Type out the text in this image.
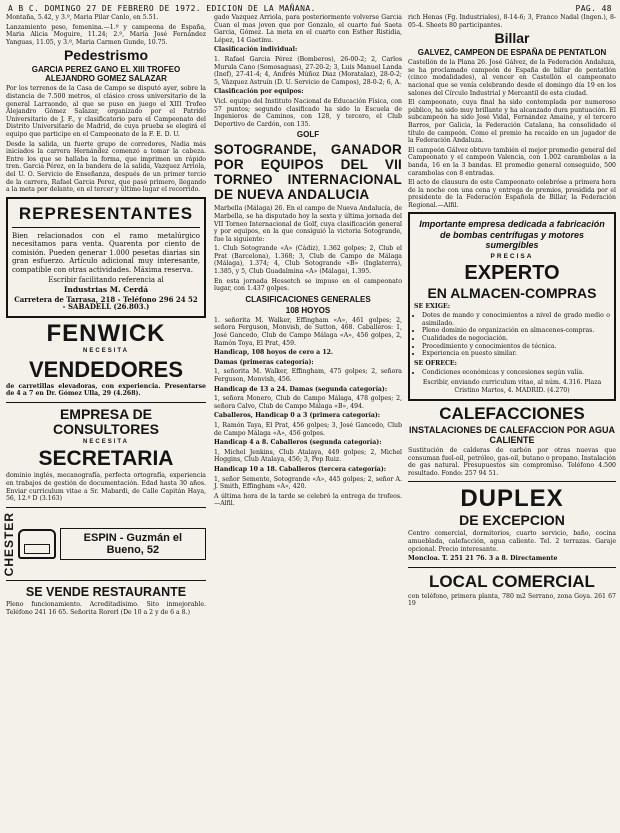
A B C. DOMINGO 27 DE FEBRERO DE 1972. EDICION DE LA MAÑANA.	PAG. 48

Montaña, 5.42, y 3.º, Maria Pilar Canlo, en 5.51.

Lanzamiento peso, femenina.—1.º y campeona de España, Maria Alicia Moguire, 11.24; 2.º, Maria José Fernández Yanguas, 11.05, y 3.º, Maria Carmen Gunde, 10.75.

Pedestrismo
GARCIA PEREZ GANO EL XIII TROFEO ALEJANDRO GOMEZ SALAZAR

Por los terrenos de la Casa de Campo se disputó ayer, sobre la distancia de 7.500 metros, el clásico cross universitario de la general Larraondo, al que se puso en juego el XIII Trofeo Alejandro Gómez Salazar, organizado por el Patrido Universitario de J. F., y clasificatorio para el Campeonato del Distrito Universitario de Madrid, de cuya prueba se elegirá el equipo que participe en el Campeonato de la F. E. D. U.

Desde la salida, un fuerte grupo de corredores, Nadia más iniciados la carrera Hernández comenzó a tomar la cabeza. Entre los que se hallaba la forma, que imprimen un rápido tren. Garcia Pérez, en la bandera de la salida, Vazquez Arriola, del U. O. Servicio de Enseñanza, después de un primer tercio de la carrera, Rafael Garcia Perez, que pasó primero, llegando a la meta por delante, en el tercer y último lugar el recorrido.

REPRESENTANTES

Bien relacionados con el ramo metalúrgico necesitamos para venta. Quarenta por ciento de comisión. Pueden generar 1.000 pesetas diarias sin gran esfuerzo. Artículo adicional muy interesante, compatible con otras actividades. Máxima reserva.

Escribir facilitando referencia al

Industrias M. Cerdá

Carretera de Tarrasa, 218 - Teléfono 296 24 52 - SABADELL (26.803.)

FENWICK
NECESITA
VENDEDORES

de carretillas elevadoras, con experiencia. Presentarse de 4 a 7 en Dr. Gómez Ulla, 29 (4.268).

EMPRESA DE CONSULTORES
NECESITA
SECRETARIA

dominio inglés, mecanografía, perfecta ortografía, experiencia en trabajos de gestión de documentación. Edad hasta 30 años. Enviar curriculum vitae a Sr. Mabardi, de Calle Capitán Haya, 56, 12.º D (3.163)

CHESTER	ESPIN - Guzmán el Bueno, 52
SE VENDE RESTAURANTE

Pleno funcionamiento. Acreditadísimo. Sito inmejorable. Teléfono 241 16 65. Señorita Rorerl (De 10 a 2 y de 6 a 8.)

gado Vazquez Arriola, para posteriormente volverse Garcia Cuan el mas joven que por Gonzalo, el cuarto fué Saeta Garcia, Gómez. La meta en el cuarto con Esther Ristidia, Lépez, 14 Gaetinu.

Clasificación individual:

1. Rafael Garcia Pérez (Bomberos), 26-00-2; 2, Carlos Murula Cano (Somosaguas), 27-20-2; 3, Luis Manuel Landa (Inef), 27-41-4; 4, Andrés Múñoz Diaz (Moratalaz), 28-0-2; 5, Vázquez Astruín (D. U. Servicio de Campos), 28-0-2; 6, A.

Clasificación por equipos:

Vicl. equipo del Instituto Nacional de Educación Física, con 57 puntos; segundo clasificado ha sido la Escuela de Ingenieros de Caminos, con 128, y tercero, el Club Deportivo de Cardón, con 135.

GOLF
SOTOGRANDE, GANADOR POR EQUIPOS DEL VII TORNEO INTERNACIONAL DE NUEVA ANDALUCIA

Marbella (Málaga) 26. En el campo de Nueva Andalucía, de Marbella, se ha disputado hoy la sexta y última jornada del VII Torneo Internacional de Golf, cuya clasificación general y por equipos, en la que consiguió la victoria Sotogrande, fue la siguiente:

1. Club Sotogrande «A» (Cádiz), 1.362 golpes; 2, Club el Prat (Barcelona), 1.368; 3, Club de Campo de Málaga (Málaga), 1.374; 4, Club Sotogrande «B» (Inglaterra), 1.385, y 5, Club Guadalmina «A» (Málaga), 1.395.

En esta jornada Hessetch se impuso en el campeonato lugar, con 1.437 golpes.

CLASIFICACIONES GENERALES
108 HOYOS

1. señorita M. Walker, Effingham «A», 461 golpes; 2, señora Ferguson, Monvish, de Sutton, 468. Caballeros: 1, José Gancedo, Club de Campo Málaga «A», 456 golpes, 2, Ramón Toya, El Prat, 459.

Handicap, 108 hoyos de cero a 12.

Damas (primeras categoría):

1, señorita M. Walker, Effingham, 475 golpes; 2, señora Ferguson, Monvish, 456.

Handicap de 13 a 24. Damas (segunda categoría):

1, señora Monero, Club de Campo Málaga, 478 golpes; 2, señora Calvo, Club de Campo Málaga «B», 494.

Caballeros, Handicap 0 a 3 (primera categoría):

1, Ramón Taya, El Prat, 456 golpes; 3, José Gancedo, Club de Campo Málaga «A», 456 golpes.

Handicap 4 a 8. Caballeros (segunda categoría):

1, Michel Jenkins, Club Atalaya, 449 golpes; 2, Michel Hoggins, Club Atalaya, 456; 3, Pep Ruiz.

Handicap 10 a 18. Caballeros (tercera categoría):

1, señor Semente, Sotogrande «A», 445 golpes; 2, señor A. J. Smith, Effingham «A», 420.

A última hora de la tarde se celebró la entrega de trofeos.—Alfil.

rich Henas (Fg. Industriales), 8-14-6; 3, Franco Nadal (Ingen.), 8-05-4. Sheets 80 participantes.

Billar
GALVEZ, CAMPEON DE ESPAÑA DE PENTATLON

Castellón de la Plana 26. José Gálvez, de la Federación Andaluza, se ha proclamado campeón de España de billar de pentatlón (cinco modalidades), al vencer en Castellón el campeonato nacional que se venía celebrando desde el domingo día 19 en los salones del Círculo Industrial y Mercantil de esta ciudad.

El campeonato, cuya final ha sido contemplada por numeroso público, ha sido muy brillante y ha alcanzado dura puntuación. El subcampeón ha sido José Vidal, Fernández Amaine, y el tercero Barros, por Galicia, la Federación Catalana, ha consolidado el título de campeón. Como el premio ha recaído en un jugador de la Federación Andaluza.

El campeón Gálvez obtuvo también el mejor promedio general del Campeonato y el campeón Valencia, con 1.002 carambolas a la banda, 16 en la 3 bandas. El promedio general conseguido, 500 carambolas con 8 entradas.

El acto de clausura de este Campeonato celebróse a primera hora de la noche con una cena y entrega de premios, presidida por el presidente de la Federación Española de Billar, la Federación Regional.—Alfil.

Importante empresa dedicada a fabricación de bombas centrífugas y motores sumergibles
PRECISA
EXPERTO
EN ALMACEN-COMPRAS

SE EXIGE:

• Dotes de mando y conocimientos a nivel de grado medio o asimilado.
• Pleno dominio de organización en almacenes-compras.
• Cualidades de negociación.
• Procedimiento y conocimientos de técnica.
• Experiencia en puesto similar.

SE OFRECE:

• Condiciones económicas y concesiones según valía.

Escribir, enviando curriculum vitae, al núm. 4.316. Plaza Cristino Martos, 4. MADRID. (4.270)

CALEFACCIONES
INSTALACIONES DE CALEFACCION POR AGUA CALIENTE

Sustitución de calderas de carbón por otras nuevas que consuman fuel-oil, petróleo, gas-oil, butano o propano. Instalación de gas natural. Presupuestos sin compromiso. Teléfono 4.500 resultado. Fondo: 257 94 51.

DUPLEX
DE EXCEPCION

Centro comercial, dormitorios, cuarto servicio, baño, cocina amueblada, calefacción, agua caliente. Tel. 2 terrazas. Garaje opcional. Precio interesante.

Moncloa. T. 251 21 76. 3 a 8. Directamente

LOCAL COMERCIAL

con teléfono, primera planta, 780 m2 Serrano, zona Goya. 261 67 19
